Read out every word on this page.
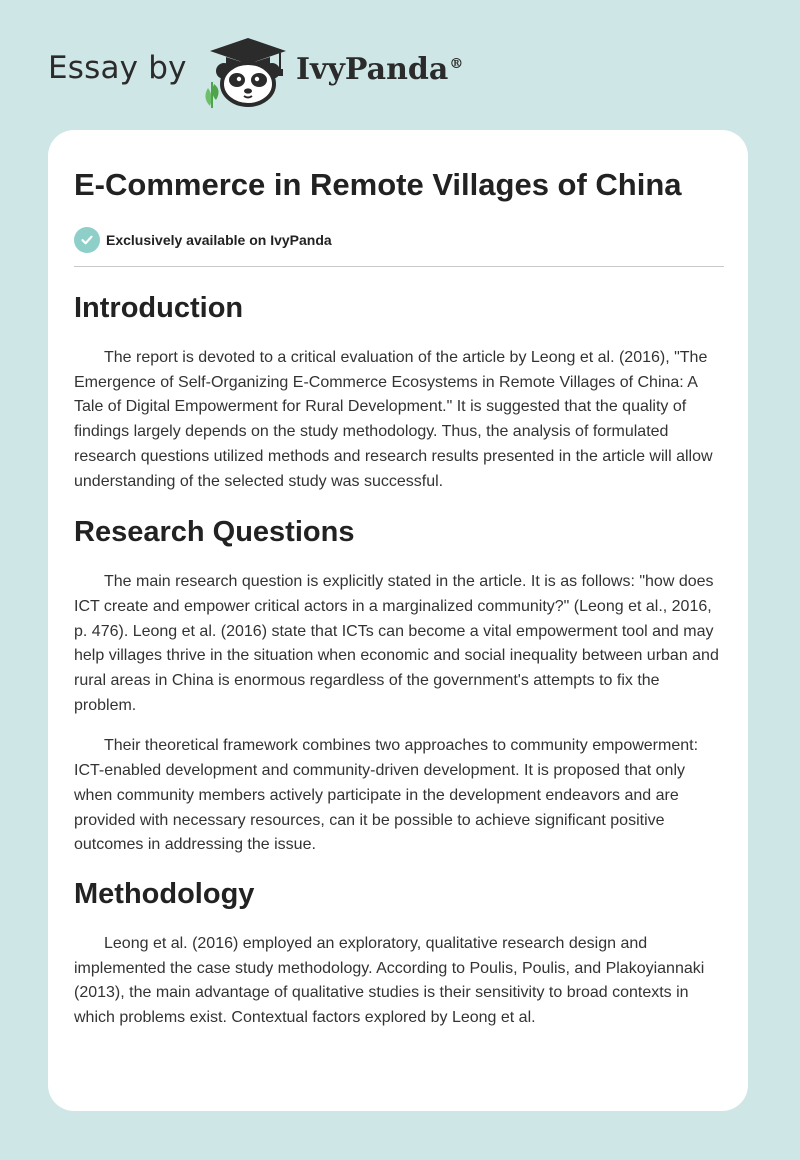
Essay by	IvyPanda®
E-Commerce in Remote Villages of China
Exclusively available on IvyPanda
Introduction

The report is devoted to a critical evaluation of the article by Leong et al. (2016), "The Emergence of Self-Organizing E-Commerce Ecosystems in Remote Villages of China: A Tale of Digital Empowerment for Rural Development." It is suggested that the quality of findings largely depends on the study methodology. Thus, the analysis of formulated research questions utilized methods and research results presented in the article will allow understanding of the selected study was successful.

Research Questions

The main research question is explicitly stated in the article. It is as follows: "how does ICT create and empower critical actors in a marginalized community?" (Leong et al., 2016, p. 476). Leong et al. (2016) state that ICTs can become a vital empowerment tool and may help villages thrive in the situation when economic and social inequality between urban and rural areas in China is enormous regardless of the government's attempts to fix the problem.

Their theoretical framework combines two approaches to community empowerment: ICT-enabled development and community-driven development. It is proposed that only when community members actively participate in the development endeavors and are provided with necessary resources, can it be possible to achieve significant positive outcomes in addressing the issue.

Methodology

Leong et al. (2016) employed an exploratory, qualitative research design and implemented the case study methodology. According to Poulis, Poulis, and Plakoyiannaki (2013), the main advantage of qualitative studies is their sensitivity to broad contexts in which problems exist. Contextual factors explored by Leong et al.
